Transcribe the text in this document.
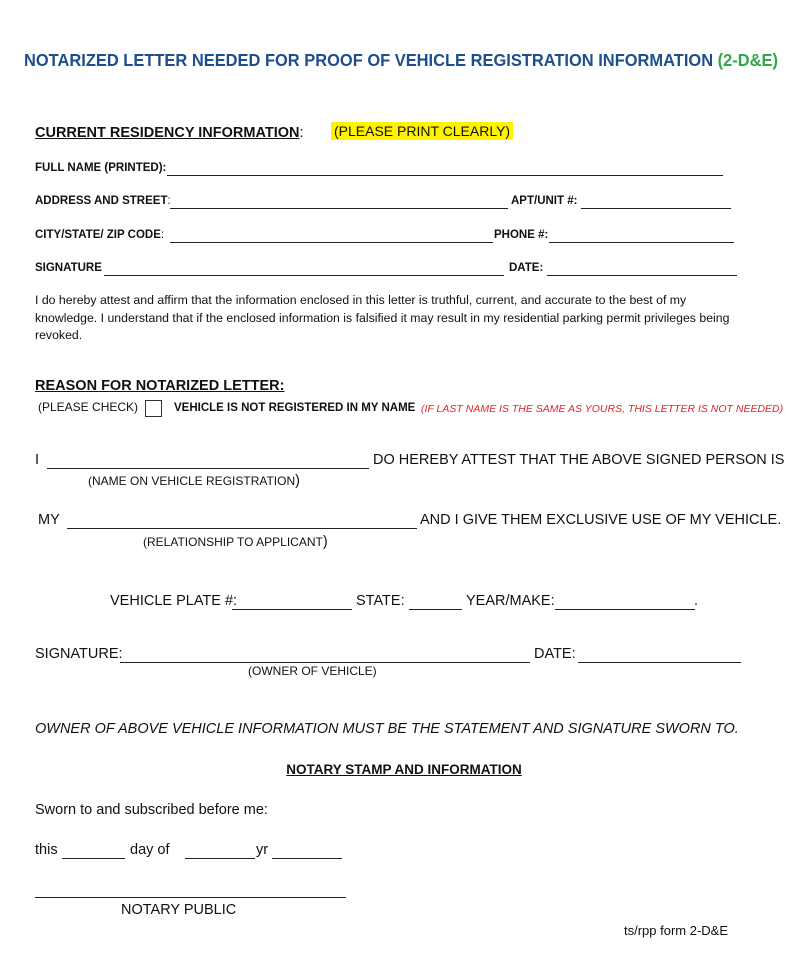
NOTARIZED LETTER NEEDED FOR PROOF OF VEHICLE REGISTRATION INFORMATION (2-D&E)
CURRENT RESIDENCY INFORMATION: (PLEASE PRINT CLEARLY)
FULL NAME (PRINTED):
ADDRESS AND STREET:	APT/UNIT #:
CITY/STATE/ ZIP CODE:	PHONE #:
SIGNATURE	DATE:
I do hereby attest and affirm that the information enclosed in this letter is truthful, current, and accurate to the best of my
knowledge. I understand that if the enclosed information is falsified it may result in my residential parking permit privileges being
revoked.
REASON FOR NOTARIZED LETTER:
(PLEASE CHECK)	VEHICLE IS NOT REGISTERED IN MY NAME (IF LAST NAME IS THE SAME AS YOURS, THIS LETTER IS NOT NEEDED)
I	DO HEREBY ATTEST THAT THE ABOVE SIGNED PERSON IS
(NAME ON VEHICLE REGISTRATION)
MY	AND I GIVE THEM EXCLUSIVE USE OF MY VEHICLE.
(RELATIONSHIP TO APPLICANT)
VEHICLE PLATE #:	STATE:	YEAR/MAKE:	.
SIGNATURE:	DATE:
(OWNER OF VEHICLE)
OWNER OF ABOVE VEHICLE INFORMATION MUST BE THE STATEMENT AND SIGNATURE SWORN TO.
NOTARY STAMP AND INFORMATION
Sworn to and subscribed before me:
this	day of	yr
NOTARY PUBLIC
ts/rpp form 2-D&E
